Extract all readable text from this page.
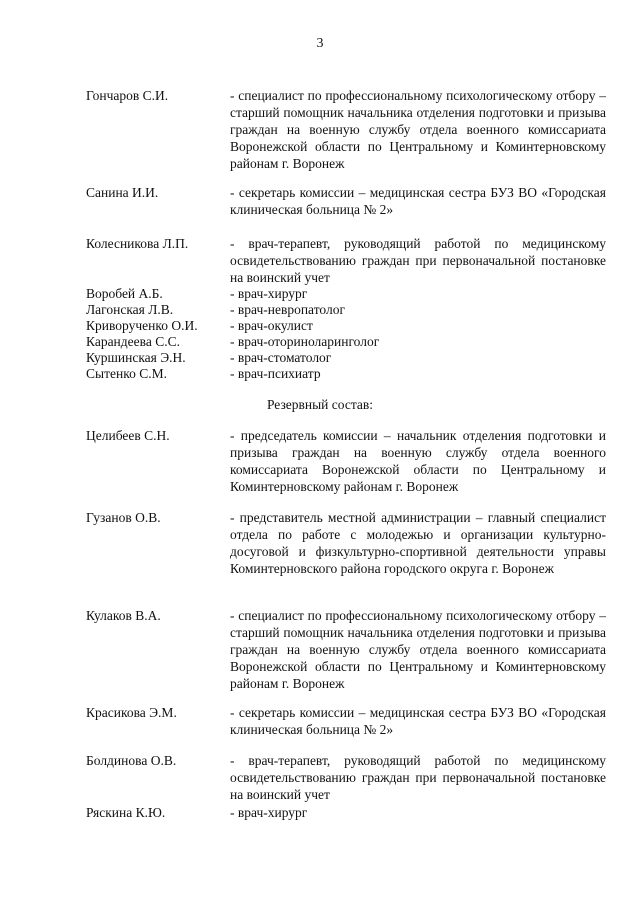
3
Гончаров С.И.	- специалист по профессиональному психологическому отбору – старший помощник начальника отделения подготовки и призыва граждан на военную службу отдела военного комиссариата Воронежской области по Центральному и Коминтерновскому районам г. Воронеж
Санина И.И.	- секретарь комиссии – медицинская сестра БУЗ ВО «Городская клиническая больница № 2»
Колесникова Л.П.	- врач-терапевт, руководящий работой по медицинскому освидетельствованию граждан при первоначальной постановке на воинский учет
Воробей А.Б.	- врач-хирург
Лагонская Л.В.	- врач-невропатолог
Криворученко О.И.	- врач-окулист
Карандеева С.С.	- врач-оториноларинголог
Куршинская Э.Н.	- врач-стоматолог
Сытенко С.М.	- врач-психиатр
Резервный состав:
Целибеев С.Н.	- председатель комиссии – начальник отделения подготовки и призыва граждан на военную службу отдела военного комиссариата Воронежской области по Центральному и Коминтерновскому районам г. Воронеж
Гузанов О.В.	- представитель местной администрации – главный специалист отдела по работе с молодежью и организации культурно-досуговой и физкультурно-спортивной деятельности управы Коминтерновского района городского округа г. Воронеж
Кулаков В.А.	- специалист по профессиональному психологическому отбору – старший помощник начальника отделения подготовки и призыва граждан на военную службу отдела военного комиссариата Воронежской области по Центральному и Коминтерновскому районам г. Воронеж
Красикова Э.М.	- секретарь комиссии – медицинская сестра БУЗ ВО «Городская клиническая больница № 2»
Болдинова О.В.	- врач-терапевт, руководящий работой по медицинскому освидетельствованию граждан при первоначальной постановке на воинский учет
Ряскина К.Ю.	- врач-хирург
